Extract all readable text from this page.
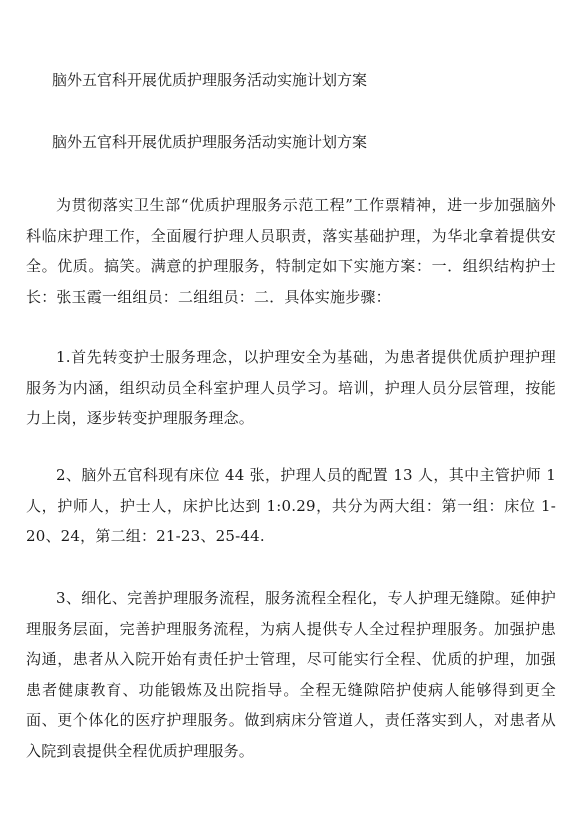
脑外五官科开展优质护理服务活动实施计划方案
脑外五官科开展优质护理服务活动实施计划方案

为贯彻落实卫生部“优质护理服务示范工程”工作票精神，进一步加强脑外科临床护理工作，全面履行护理人员职责，落实基础护理，为华北拿着提供安全。优质。搞笑。满意的护理服务，特制定如下实施方案：一．组织结构护士长：张玉霞一组组员：二组组员：二．具体实施步骤：

1.首先转变护士服务理念，以护理安全为基础，为患者提供优质护理护理服务为内涵，组织动员全科室护理人员学习。培训，护理人员分层管理，按能力上岗，逐步转变护理服务理念。

2、脑外五官科现有床位 44 张，护理人员的配置 13 人，其中主管护师 1 人，护师人，护士人，床护比达到 1:0.29，共分为两大组：第一组：床位 1-20、24，第二组：21-23、25-44.

3、细化、完善护理服务流程，服务流程全程化，专人护理无缝隙。延伸护理服务层面，完善护理服务流程，为病人提供专人全过程护理服务。加强护患沟通，患者从入院开始有责任护士管理，尽可能实行全程、优质的护理，加强患者健康教育、功能锻炼及出院指导。全程无缝隙陪护使病人能够得到更全面、更个体化的医疗护理服务。做到病床分管道人，责任落实到人，对患者从入院到袁提供全程优质护理服务。
